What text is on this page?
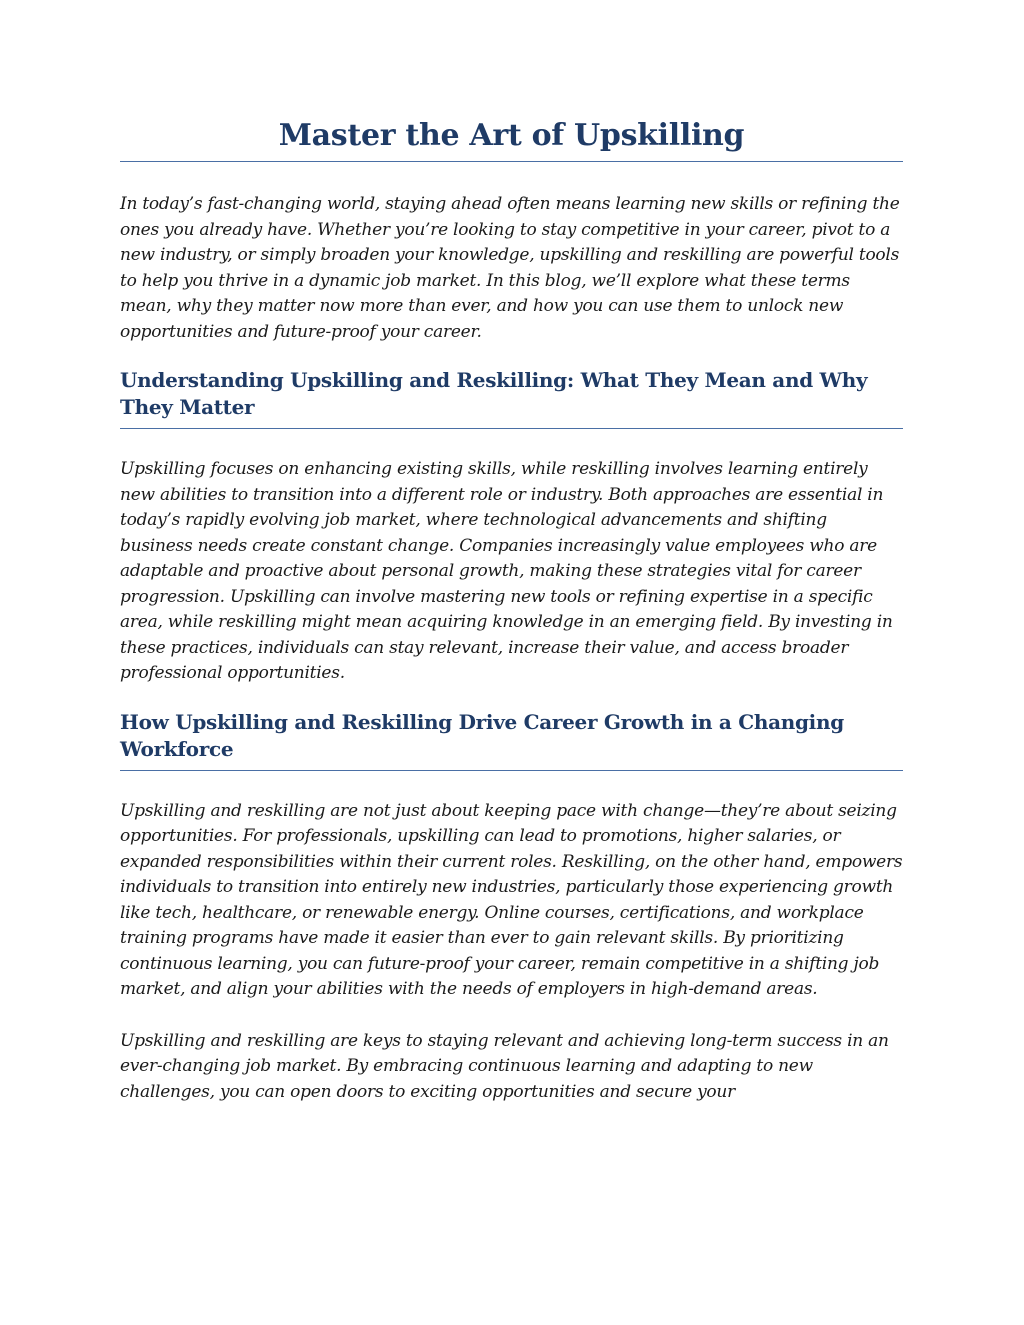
Master the Art of Upskilling

In today’s fast-changing world, staying ahead often means learning new skills or refining the ones you already have. Whether you’re looking to stay competitive in your career, pivot to a new industry, or simply broaden your knowledge, upskilling and reskilling are powerful tools to help you thrive in a dynamic job market. In this blog, we’ll explore what these terms mean, why they matter now more than ever, and how you can use them to unlock new opportunities and future-proof your career.

Understanding Upskilling and Reskilling: What They Mean and Why They Matter

Upskilling focuses on enhancing existing skills, while reskilling involves learning entirely new abilities to transition into a different role or industry. Both approaches are essential in today’s rapidly evolving job market, where technological advancements and shifting business needs create constant change. Companies increasingly value employees who are adaptable and proactive about personal growth, making these strategies vital for career progression. Upskilling can involve mastering new tools or refining expertise in a specific area, while reskilling might mean acquiring knowledge in an emerging field. By investing in these practices, individuals can stay relevant, increase their value, and access broader professional opportunities.

How Upskilling and Reskilling Drive Career Growth in a Changing Workforce

Upskilling and reskilling are not just about keeping pace with change—they’re about seizing opportunities. For professionals, upskilling can lead to promotions, higher salaries, or expanded responsibilities within their current roles. Reskilling, on the other hand, empowers individuals to transition into entirely new industries, particularly those experiencing growth like tech, healthcare, or renewable energy. Online courses, certifications, and workplace training programs have made it easier than ever to gain relevant skills. By prioritizing continuous learning, you can future-proof your career, remain competitive in a shifting job market, and align your abilities with the needs of employers in high-demand areas.

Upskilling and reskilling are keys to staying relevant and achieving long-term success in an ever-changing job market. By embracing continuous learning and adapting to new challenges, you can open doors to exciting opportunities and secure your
